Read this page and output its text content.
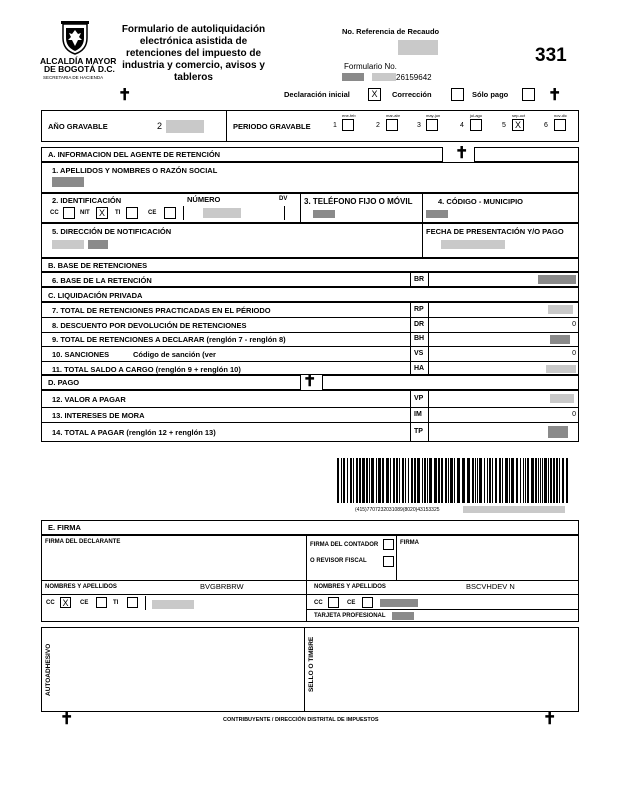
ALCALDÍA MAYOR
DE BOGOTÁ D.C.
SECRETARIA DE HACIENDA
Formulario de autoliquidación
electrónica asistida de
retenciones del impuesto de
industria y comercio, avisos y
tableros
No. Referencia de Recaudo
Formulario No.
26159642
331
✝	Declaración inicial	X	Corrección	Sólo pago ✝
AÑO GRAVABLE	2	PERIODO GRAVABLE
ene-feb
1
mar-abr
2
may-jun
3
jul-ago
4
sep-oct
5	X
nov-dic
6
A. INFORMACION DEL AGENTE DE RETENCIÓN	✝
1. APELLIDOS Y NOMBRES O RAZÓN SOCIAL
2. IDENTIFICACIÓN	NÚMERO	DV
CC	NIT	X	TI	CE
3. TELÉFONO FIJO O MÓVIL	4. CÓDIGO - MUNICIPIO
5. DIRECCIÓN DE NOTIFICACIÓN	FECHA DE PRESENTACIÓN Y/O PAGO
B. BASE DE RETENCIONES
6. BASE DE LA RETENCIÓN	BR
C. LIQUIDACIÓN PRIVADA
7. TOTAL DE RETENCIONES PRACTICADAS EN EL PÉRIODO	RP
8. DESCUENTO POR DEVOLUCIÓN DE RETENCIONES	DR	0
9. TOTAL DE RETENCIONES A DECLARAR (renglón 7 - renglón 8)	BH
10. SANCIONES	Código de sanción (ver	VS	0
11. TOTAL SALDO A CARGO (renglón 9 + renglón 10)	HA
D. PAGO	✝
12. VALOR A PAGAR	VP
13. INTERESES DE MORA	IM	0
14. TOTAL A PAGAR (renglón 12 + renglón 13)	TP
(415)7707232031089(8020)43153325
E. FIRMA
FIRMA DEL DECLARANTE	FIRMA DEL CONTADOR
O REVISOR FISCAL
FIRMA
NOMBRES Y APELLIDOS	BVGBRBRW	NOMBRES Y APELLIDOS	BSCVHDEV N
CC X	CE	TI	CC	CE
TARJETA PROFESIONAL
AUTOADHESIVO	SELLO O TIMBRE
✝	CONTRIBUYENTE / DIRECCIÓN DISTRITAL DE IMPUESTOS	✝
